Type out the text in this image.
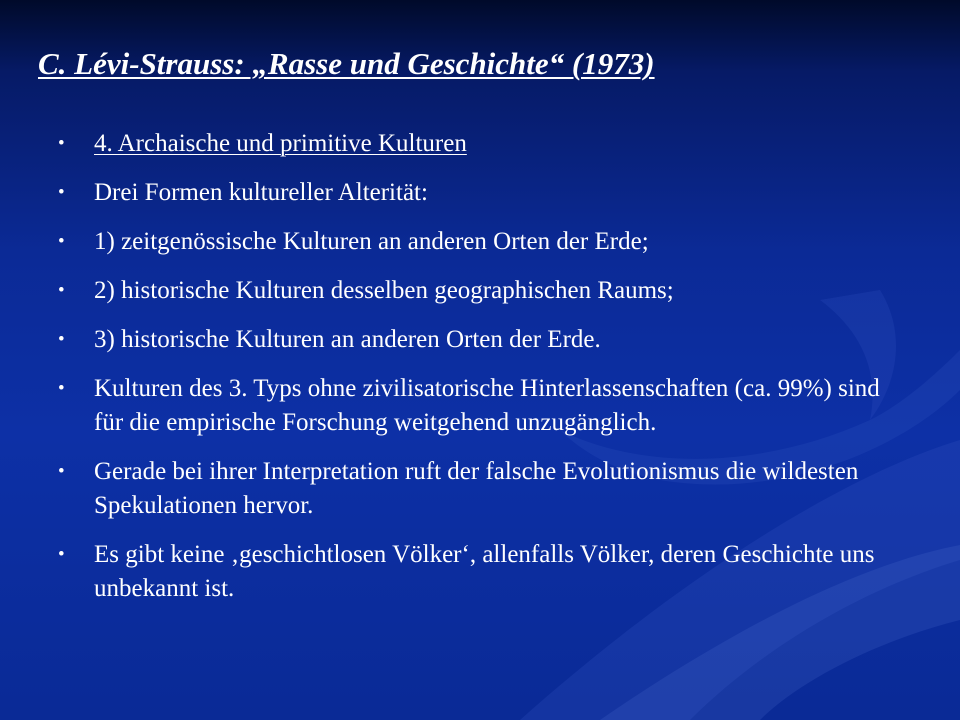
C. Lévi-Strauss: „Rasse und Geschichte“ (1973)
• 4. Archaische und primitive Kulturen
• Drei Formen kultureller Alterität:
• 1) zeitgenössische Kulturen an anderen Orten der Erde;
• 2) historische Kulturen desselben geographischen Raums;
• 3) historische Kulturen an anderen Orten der Erde.
• Kulturen des 3. Typs ohne zivilisatorische Hinterlassenschaften (ca. 99%) sind für die empirische Forschung weitgehend unzugänglich.
• Gerade bei ihrer Interpretation ruft der falsche Evolutionismus die wildesten Spekulationen hervor.
• Es gibt keine ‚geschichtlosen Völker‘, allenfalls Völker, deren Geschichte uns unbekannt ist.
